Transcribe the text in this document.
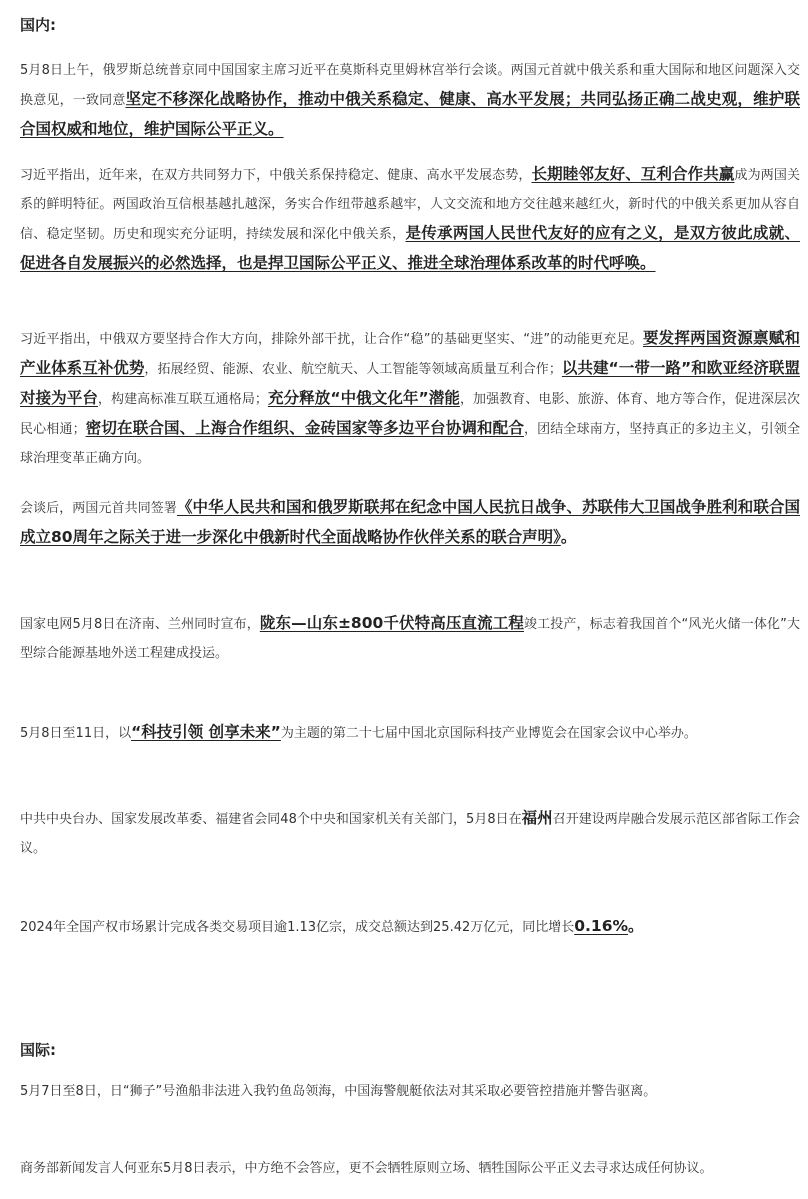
国内:

5月8日上午，俄罗斯总统普京同中国国家主席习近平在莫斯科克里姆林宫举行会谈。两国元首就中俄关系和重大国际和地区问题深入交换意见，一致同意坚定不移深化战略协作，推动中俄关系稳定、健康、高水平发展；共同弘扬正确二战史观，维护联合国权威和地位，维护国际公平正义。

习近平指出，近年来，在双方共同努力下，中俄关系保持稳定、健康、高水平发展态势，长期睦邻友好、互利合作共赢成为两国关系的鲜明特征。两国政治互信根基越扎越深，务实合作纽带越系越牢，人文交流和地方交往越来越红火，新时代的中俄关系更加从容自信、稳定坚韧。历史和现实充分证明，持续发展和深化中俄关系，是传承两国人民世代友好的应有之义，是双方彼此成就、促进各自发展振兴的必然选择，也是捍卫国际公平正义、推进全球治理体系改革的时代呼唤。

习近平指出，中俄双方要坚持合作大方向，排除外部干扰，让合作“稳”的基础更坚实、“进”的动能更充足。要发挥两国资源禀赋和产业体系互补优势，拓展经贸、能源、农业、航空航天、人工智能等领域高质量互利合作；以共建“一带一路”和欧亚经济联盟对接为平台，构建高标准互联互通格局；充分释放“中俄文化年”潜能，加强教育、电影、旅游、体育、地方等合作，促进深层次民心相通；密切在联合国、上海合作组织、金砖国家等多边平台协调和配合，团结全球南方，坚持真正的多边主义，引领全球治理变革正确方向。

会谈后，两国元首共同签署《中华人民共和国和俄罗斯联邦在纪念中国人民抗日战争、苏联伟大卫国战争胜利和联合国成立80周年之际关于进一步深化中俄新时代全面战略协作伙伴关系的联合声明》。

国家电网5月8日在济南、兰州同时宣布，陇东—山东±800千伏特高压直流工程竣工投产，标志着我国首个“风光火储一体化”大型综合能源基地外送工程建成投运。

5月8日至11日，以“科技引领 创享未来”为主题的第二十七届中国北京国际科技产业博览会在国家会议中心举办。

中共中央台办、国家发展改革委、福建省会同48个中央和国家机关有关部门，5月8日在福州召开建设两岸融合发展示范区部省际工作会议。

2024年全国产权市场累计完成各类交易项目逾1.13亿宗，成交总额达到25.42万亿元，同比增长0.16%。

国际:

5月7日至8日，日“狮子”号渔船非法进入我钓鱼岛领海，中国海警舰艇依法对其采取必要管控措施并警告驱离。

商务部新闻发言人何亚东5月8日表示，中方绝不会答应，更不会牺牲原则立场、牺牲国际公平正义去寻求达成任何协议。
